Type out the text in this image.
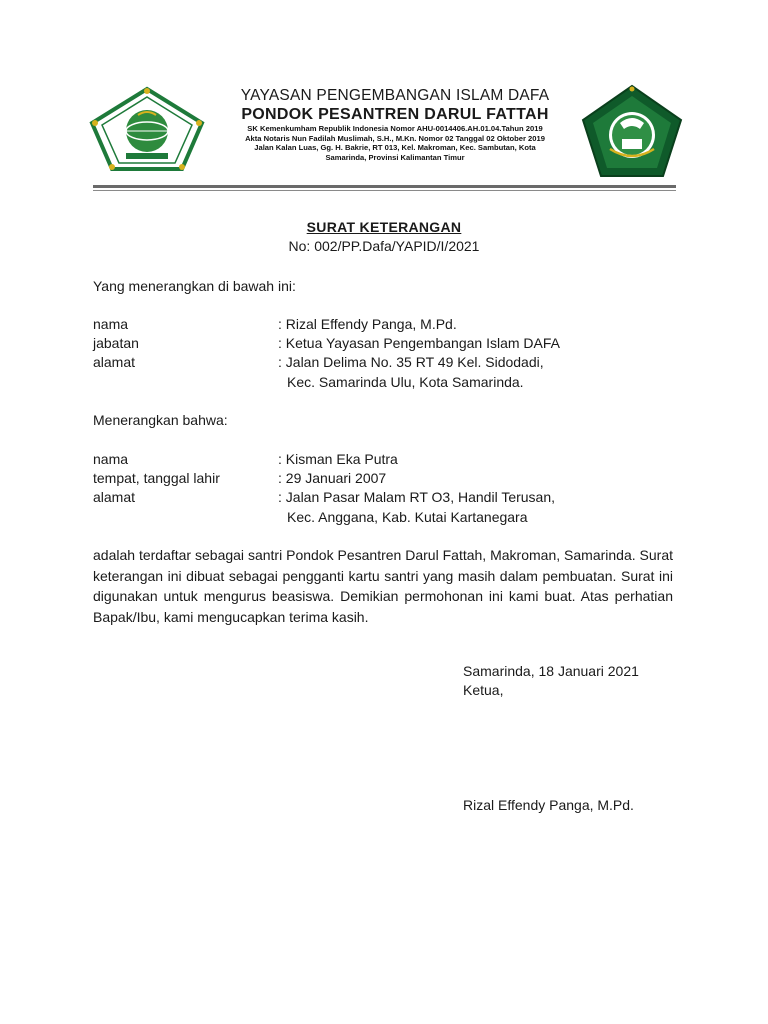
YAYASAN PENGEMBANGAN ISLAM DAFA
PONDOK PESANTREN DARUL FATTAH
SK Kemenkumham Republik Indonesia Nomor AHU-0014406.AH.01.04.Tahun 2019
Akta Notaris Nun Fadilah Muslimah, S.H., M.Kn. Nomor 02 Tanggal 02 Oktober 2019
Jalan Kalan Luas, Gg. H. Bakrie, RT 013, Kel. Makroman, Kec. Sambutan, Kota
Samarinda, Provinsi Kalimantan Timur
SURAT KETERANGAN
No: 002/PP.Dafa/YAPID/I/2021
Yang menerangkan di bawah ini:
nama	: Rizal Effendy Panga, M.Pd.
jabatan	: Ketua Yayasan Pengembangan Islam DAFA
alamat	: Jalan Delima No. 35 RT 49 Kel. Sidodadi,
Kec. Samarinda Ulu, Kota Samarinda.
Menerangkan bahwa:
nama	: Kisman Eka Putra
tempat, tanggal lahir	: 29 Januari 2007
alamat	: Jalan Pasar Malam RT O3, Handil Terusan,
Kec. Anggana, Kab. Kutai Kartanegara
adalah terdaftar sebagai santri Pondok Pesantren Darul Fattah, Makroman, Samarinda. Surat keterangan ini dibuat sebagai pengganti kartu santri yang masih dalam pembuatan. Surat ini digunakan untuk mengurus beasiswa. Demikian permohonan ini kami buat. Atas perhatian Bapak/Ibu, kami mengucapkan terima kasih.
Samarinda, 18 Januari 2021
Ketua,
Rizal Effendy Panga, M.Pd.
